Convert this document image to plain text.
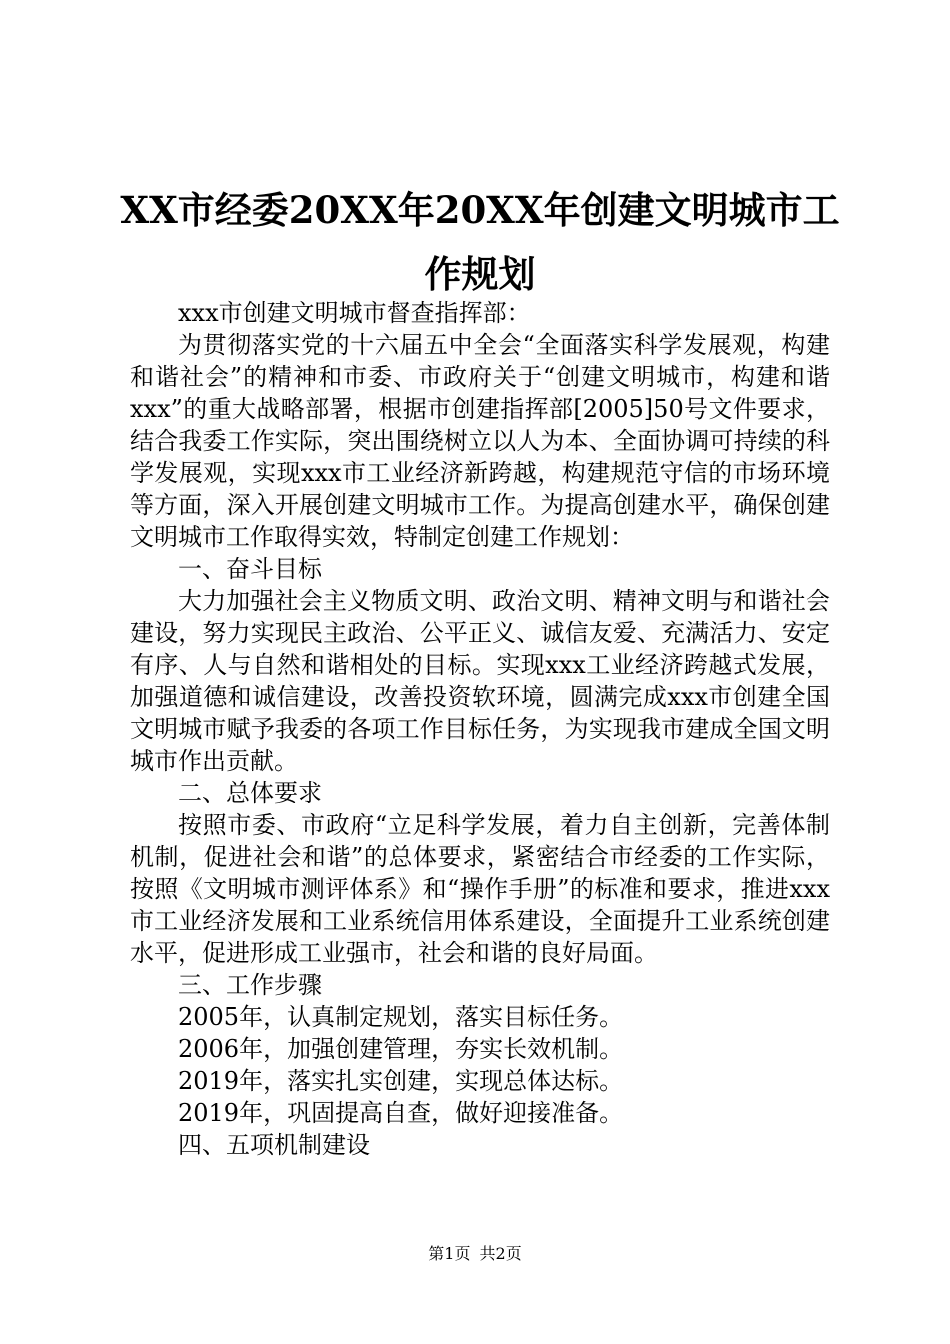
XX市经委20XX年20XX年创建文明城市工作规划

xxx市创建文明城市督查指挥部：

为贯彻落实党的十六届五中全会“全面落实科学发展观，构建和谐社会”的精神和市委、市政府关于“创建文明城市，构建和谐xxx”的重大战略部署，根据市创建指挥部[2005]50号文件要求，结合我委工作实际，突出围绕树立以人为本、全面协调可持续的科学发展观，实现xxx市工业经济新跨越，构建规范守信的市场环境等方面，深入开展创建文明城市工作。为提高创建水平，确保创建文明城市工作取得实效，特制定创建工作规划：

一、奋斗目标

大力加强社会主义物质文明、政治文明、精神文明与和谐社会建设，努力实现民主政治、公平正义、诚信友爱、充满活力、安定有序、人与自然和谐相处的目标。实现xxx工业经济跨越式发展，加强道德和诚信建设，改善投资软环境，圆满完成xxx市创建全国文明城市赋予我委的各项工作目标任务，为实现我市建成全国文明城市作出贡献。

二、总体要求

按照市委、市政府“立足科学发展，着力自主创新，完善体制机制，促进社会和谐”的总体要求，紧密结合市经委的工作实际，按照《文明城市测评体系》和“操作手册”的标准和要求，推进xxx市工业经济发展和工业系统信用体系建设，全面提升工业系统创建水平，促进形成工业强市，社会和谐的良好局面。

三、工作步骤

2005年，认真制定规划，落实目标任务。

2006年，加强创建管理，夯实长效机制。

2019年，落实扎实创建，实现总体达标。

2019年，巩固提高自查，做好迎接准备。

四、五项机制建设

第1页 共2页
